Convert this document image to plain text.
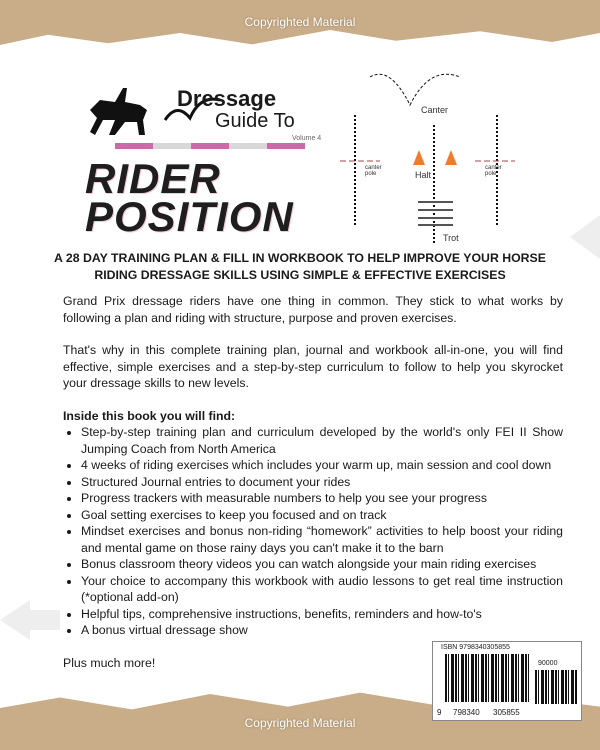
Copyrighted Material
Copyrighted Material
Dressage
Guide To
Volume 4
RIDER
POSITION
Canter
Halt
Trot
canter pole
canter pole
A 28 DAY TRAINING PLAN & FILL IN WORKBOOK TO HELP IMPROVE YOUR HORSE RIDING DRESSAGE SKILLS USING SIMPLE & EFFECTIVE EXERCISES

Grand Prix dressage riders have one thing in common. They stick to what works by following a plan and riding with structure, purpose and proven exercises.

That's why in this complete training plan, journal and workbook all-in-one, you will find effective, simple exercises and a step-by-step curriculum to follow to help you skyrocket your dressage skills to new levels.

Inside this book you will find:
• Step-by-step training plan and curriculum developed by the world's only FEI II Show Jumping Coach from North America
• 4 weeks of riding exercises which includes your warm up, main session and cool down
• Structured Journal entries to document your rides
• Progress trackers with measurable numbers to help you see your progress
• Goal setting exercises to keep you focused and on track
• Mindset exercises and bonus non-riding “homework” activities to help boost your riding and mental game on those rainy days you can't make it to the barn
• Bonus classroom theory videos you can watch alongside your main riding exercises
• Your choice to accompany this workbook with audio lessons to get real time instruction (*optional add-on)
• Helpful tips, comprehensive instructions, benefits, reminders and how-to's
• A bonus virtual dressage show
Plus much more!
ISBN 9798340305855
90000
9 798340 305855
